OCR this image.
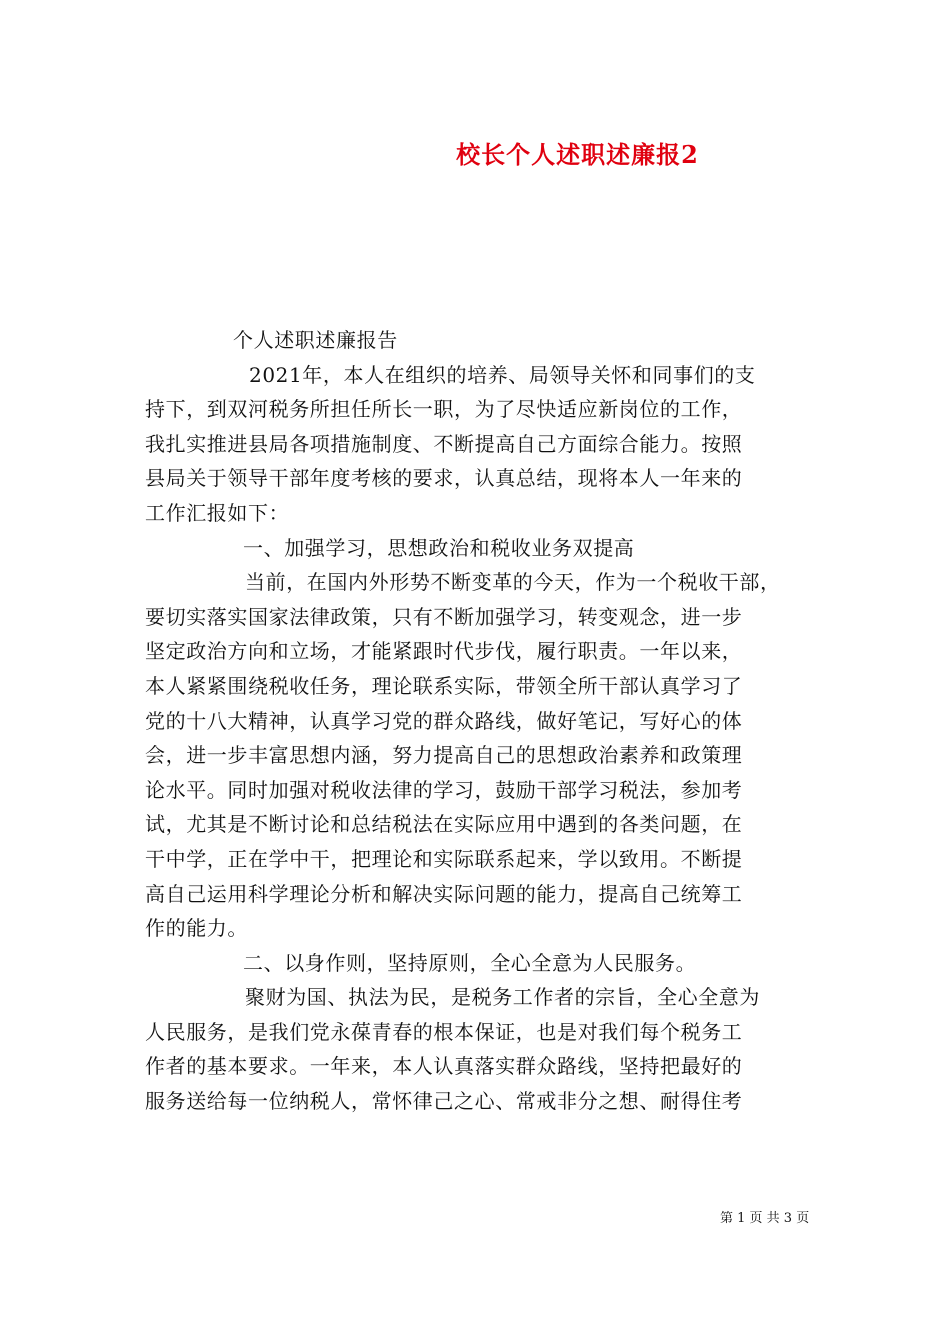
校长个人述职述廉报2
个人述职述廉报告
2021年，本人在组织的培养、局领导关怀和同事们的支
持下，到双河税务所担任所长一职，为了尽快适应新岗位的工作，
我扎实推进县局各项措施制度、不断提高自己方面综合能力。按照
县局关于领导干部年度考核的要求，认真总结，现将本人一年来的
工作汇报如下：
一、加强学习，思想政治和税收业务双提高
当前，在国内外形势不断变革的今天，作为一个税收干部，
要切实落实国家法律政策，只有不断加强学习，转变观念，进一步
坚定政治方向和立场，才能紧跟时代步伐，履行职责。一年以来，
本人紧紧围绕税收任务，理论联系实际，带领全所干部认真学习了
党的十八大精神，认真学习党的群众路线，做好笔记，写好心的体
会，进一步丰富思想内涵，努力提高自己的思想政治素养和政策理
论水平。同时加强对税收法律的学习，鼓励干部学习税法，参加考
试，尤其是不断讨论和总结税法在实际应用中遇到的各类问题，在
干中学，正在学中干，把理论和实际联系起来，学以致用。不断提
高自己运用科学理论分析和解决实际问题的能力，提高自己统筹工
作的能力。
二、以身作则，坚持原则，全心全意为人民服务。
聚财为国、执法为民，是税务工作者的宗旨，全心全意为
人民服务，是我们党永葆青春的根本保证，也是对我们每个税务工
作者的基本要求。一年来，本人认真落实群众路线，坚持把最好的
服务送给每一位纳税人，常怀律己之心、常戒非分之想、耐得住考
第 1 页 共 3 页
